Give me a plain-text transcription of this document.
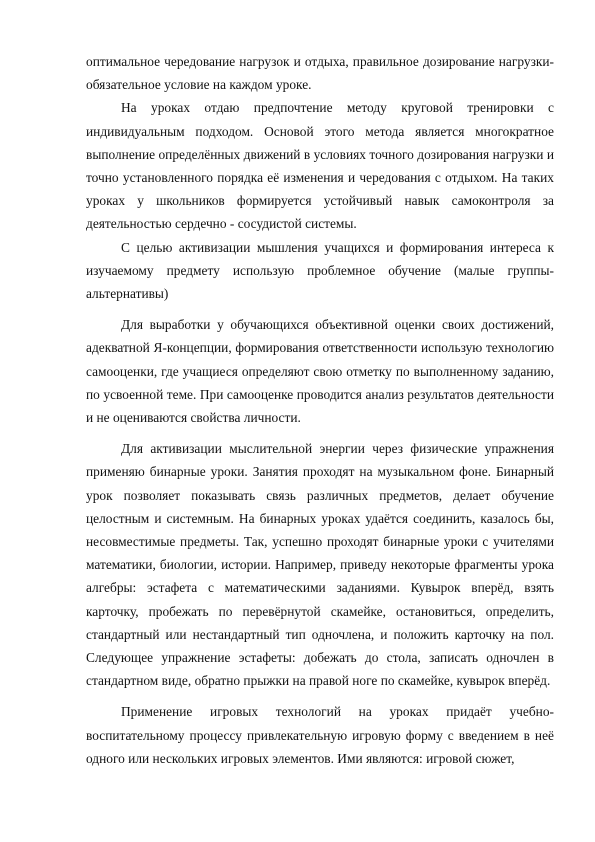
оптимальное чередование нагрузок и отдыха, правильное дозирование нагрузки-обязательное условие на каждом уроке.

На уроках отдаю предпочтение методу круговой тренировки с индивидуальным подходом. Основой этого метода является многократное выполнение определённых движений в условиях точного дозирования нагрузки и точно установленного порядка её изменения и чередования с отдыхом. На таких уроках у школьников формируется устойчивый навык самоконтроля за деятельностью сердечно - сосудистой системы.

С целью активизации мышления учащихся и формирования интереса к изучаемому предмету использую проблемное обучение (малые группы-альтернативы)

Для выработки у обучающихся объективной оценки своих достижений, адекватной Я-концепции, формирования ответственности использую технологию самооценки, где учащиеся определяют свою отметку по выполненному заданию, по усвоенной теме. При самооценке проводится анализ результатов деятельности и не оцениваются свойства личности.

Для активизации мыслительной энергии через физические упражнения применяю бинарные уроки. Занятия проходят на музыкальном фоне. Бинарный урок позволяет показывать связь различных предметов, делает обучение целостным и системным. На бинарных уроках удаётся соединить, казалось бы, несовместимые предметы. Так, успешно проходят бинарные уроки с учителями математики, биологии, истории. Например, приведу некоторые фрагменты урока алгебры: эстафета с математическими заданиями. Кувырок вперёд, взять карточку, пробежать по перевёрнутой скамейке, остановиться, определить, стандартный или нестандартный тип одночлена, и положить карточку на пол. Следующее упражнение эстафеты: добежать до стола, записать одночлен в стандартном виде, обратно прыжки на правой ноге по скамейке, кувырок вперёд.

Применение игровых технологий на уроках придаёт учебно-воспитательному процессу привлекательную игровую форму с введением в неё одного или нескольких игровых элементов. Ими являются: игровой сюжет,
